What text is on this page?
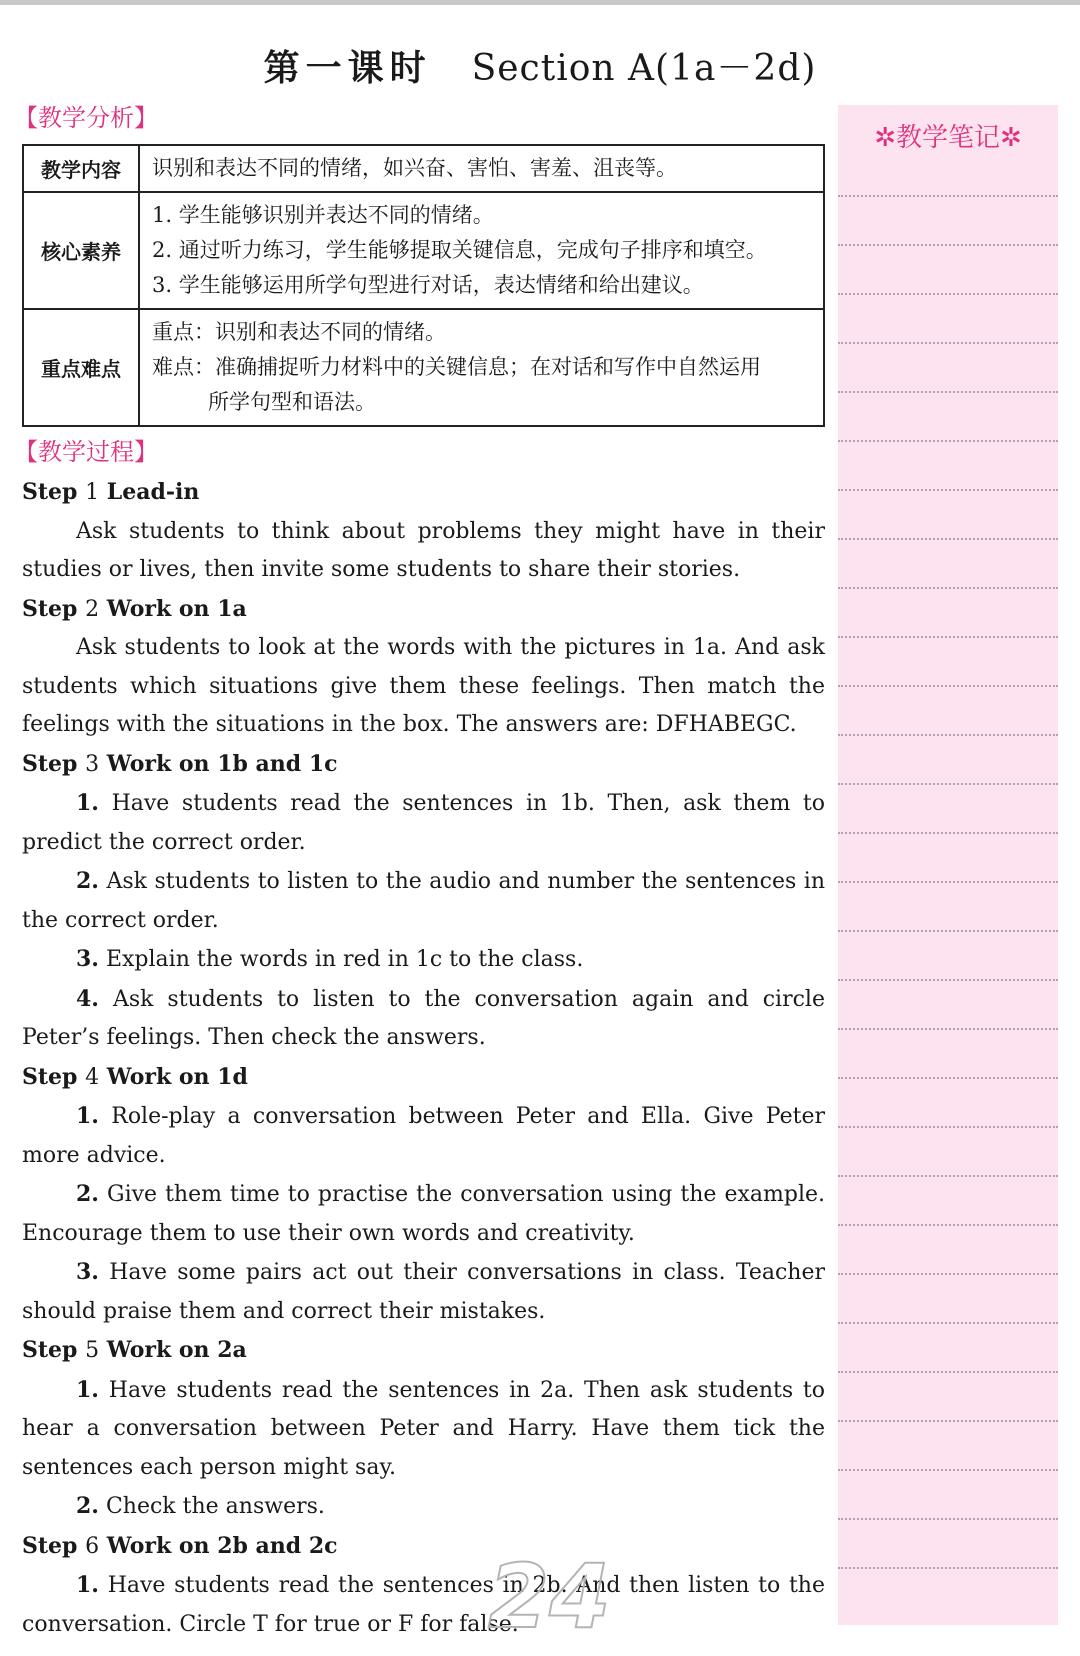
第一课时 Section A(1a－2d)
【教学分析】
教学内容	识别和表达不同的情绪，如兴奋、害怕、害羞、沮丧等。

核心素养	1. 学生能够识别并表达不同的情绪。
2. 通过听力练习，学生能够提取关键信息，完成句子排序和填空。
3. 学生能够运用所学句型进行对话，表达情绪和给出建议。

重点难点	重点：识别和表达不同的情绪。
难点：准确捕捉听力材料中的关键信息；在对话和写作中自然运用
所学句型和语法。
【教学过程】

Step 1 Lead-in

Ask students to think about problems they might have in their studies or lives, then invite some students to share their stories.

Step 2 Work on 1a

Ask students to look at the words with the pictures in 1a. And ask students which situations give them these feelings. Then match the feelings with the situations in the box. The answers are: DFHABEGC.

Step 3 Work on 1b and 1c

1. Have students read the sentences in 1b. Then, ask them to predict the correct order.

2. Ask students to listen to the audio and number the sentences in the correct order.

3. Explain the words in red in 1c to the class.

4. Ask students to listen to the conversation again and circle Peter’s feelings. Then check the answers.

Step 4 Work on 1d

1. Role-play a conversation between Peter and Ella. Give Peter more advice.

2. Give them time to practise the conversation using the example. Encourage them to use their own words and creativity.

3. Have some pairs act out their conversations in class. Teacher should praise them and correct their mistakes.

Step 5 Work on 2a

1. Have students read the sentences in 2a. Then ask students to hear a conversation between Peter and Harry. Have them tick the sentences each person might say.

2. Check the answers.

Step 6 Work on 2b and 2c

1. Have students read the sentences in 2b. And then listen to the conversation. Circle T for true or F for false.

✲教学笔记✲
24
